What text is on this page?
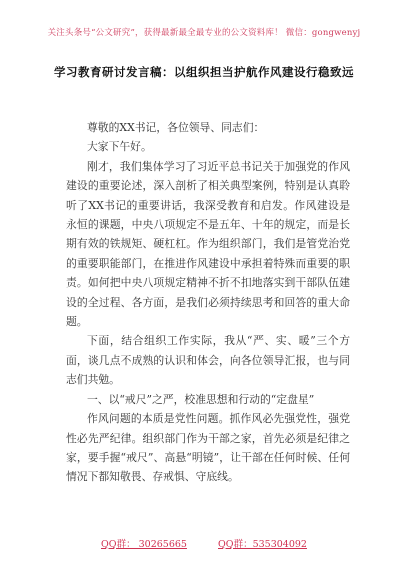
关注头条号“公文研究”，获得最新最全最专业的公文资料库！ 微信：gongwenyj
学习教育研讨发言稿：以组织担当护航作风建设行稳致远

尊敬的XX书记，各位领导、同志们：

大家下午好。

刚才，我们集体学习了习近平总书记关于加强党的作风建设的重要论述，深入剖析了相关典型案例，特别是认真聆听了XX书记的重要讲话，我深受教育和启发。作风建设是永恒的课题，中央八项规定不是五年、十年的规定，而是长期有效的铁规矩、硬杠杠。作为组织部门，我们是管党治党的重要职能部门，在推进作风建设中承担着特殊而重要的职责。如何把中央八项规定精神不折不扣地落实到干部队伍建设的全过程、各方面，是我们必须持续思考和回答的重大命题。

下面，结合组织工作实际，我从“严、实、暖”三个方面，谈几点不成熟的认识和体会，向各位领导汇报，也与同志们共勉。

一、以“戒尺”之严，校准思想和行动的“定盘星”

作风问题的本质是党性问题。抓作风必先强党性，强党性必先严纪律。组织部门作为干部之家，首先必须是纪律之家，要手握“戒尺”、高悬“明镜”，让干部在任何时候、任何情况下都知敬畏、存戒惧、守底线。

QQ群： 30265665	QQ群：535304092
